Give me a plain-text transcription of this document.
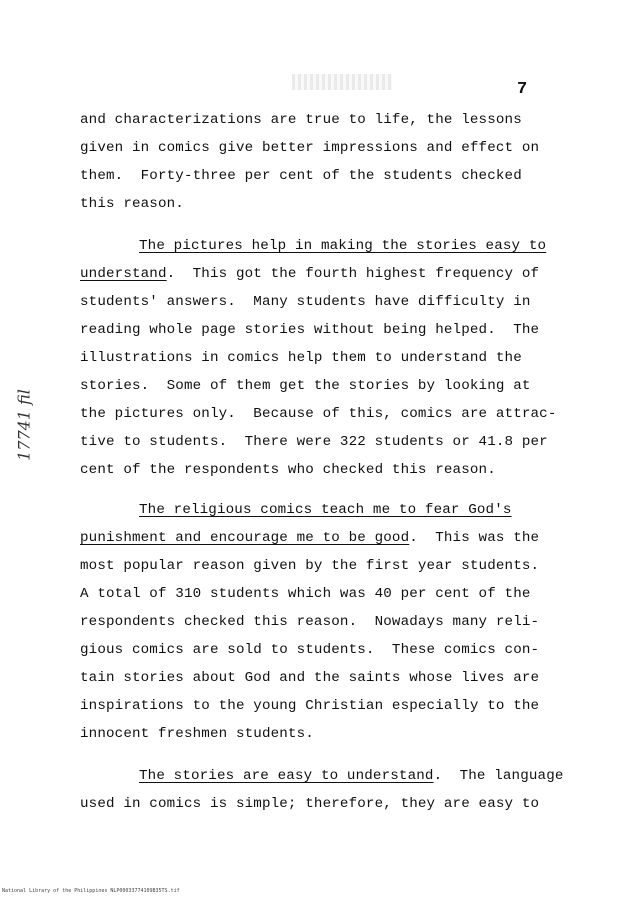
7

17741 fil

and characterizations are true to life, the lessons

given in comics give better impressions and effect on

them.  Forty-three per cent of the students checked

this reason.

The pictures help in making the stories easy to

understand.  This got the fourth highest frequency of

students' answers.  Many students have difficulty in

reading whole page stories without being helped.  The

illustrations in comics help them to understand the

stories.  Some of them get the stories by looking at

the pictures only.  Because of this, comics are attrac-

tive to students.  There were 322 students or 41.8 per

cent of the respondents who checked this reason.

The religious comics teach me to fear God's

punishment and encourage me to be good.  This was the

most popular reason given by the first year students.

A total of 310 students which was 40 per cent of the

respondents checked this reason.  Nowadays many reli-

gious comics are sold to students.  These comics con-

tain stories about God and the saints whose lives are

inspirations to the young Christian especially to the

innocent freshmen students.

The stories are easy to understand.  The language

used in comics is simple; therefore, they are easy to

National Library of the Philippines NLP00033774109B35TS.tif
